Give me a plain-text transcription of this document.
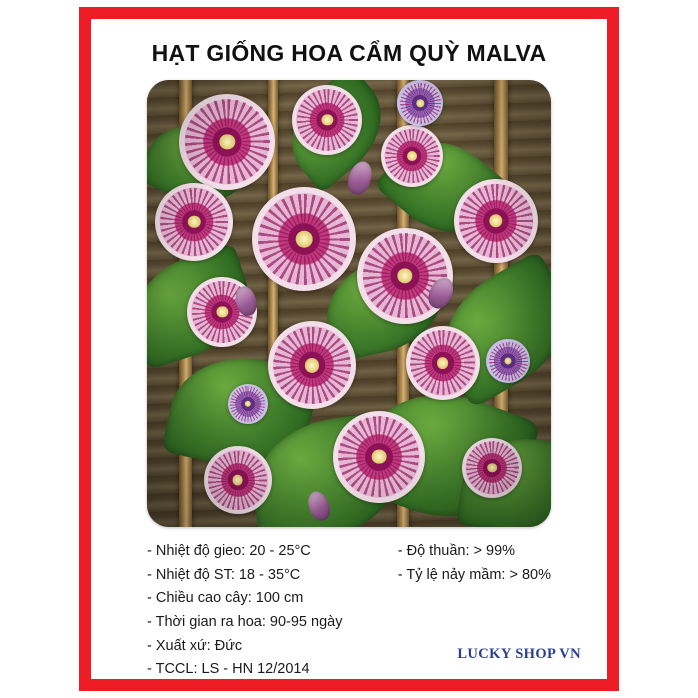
HẠT GIỐNG HOA CẨM QUỲ MALVA
- Nhiệt độ gieo: 20 - 25°C
- Nhiệt độ ST: 18 - 35°C
- Chiều cao cây: 100 cm
- Thời gian ra hoa: 90-95 ngày
- Xuất xứ: Đức
- TCCL: LS - HN 12/2014
- Độ thuần: > 99%
- Tỷ lệ nảy mầm: > 80%
LUCKY SHOP VN
